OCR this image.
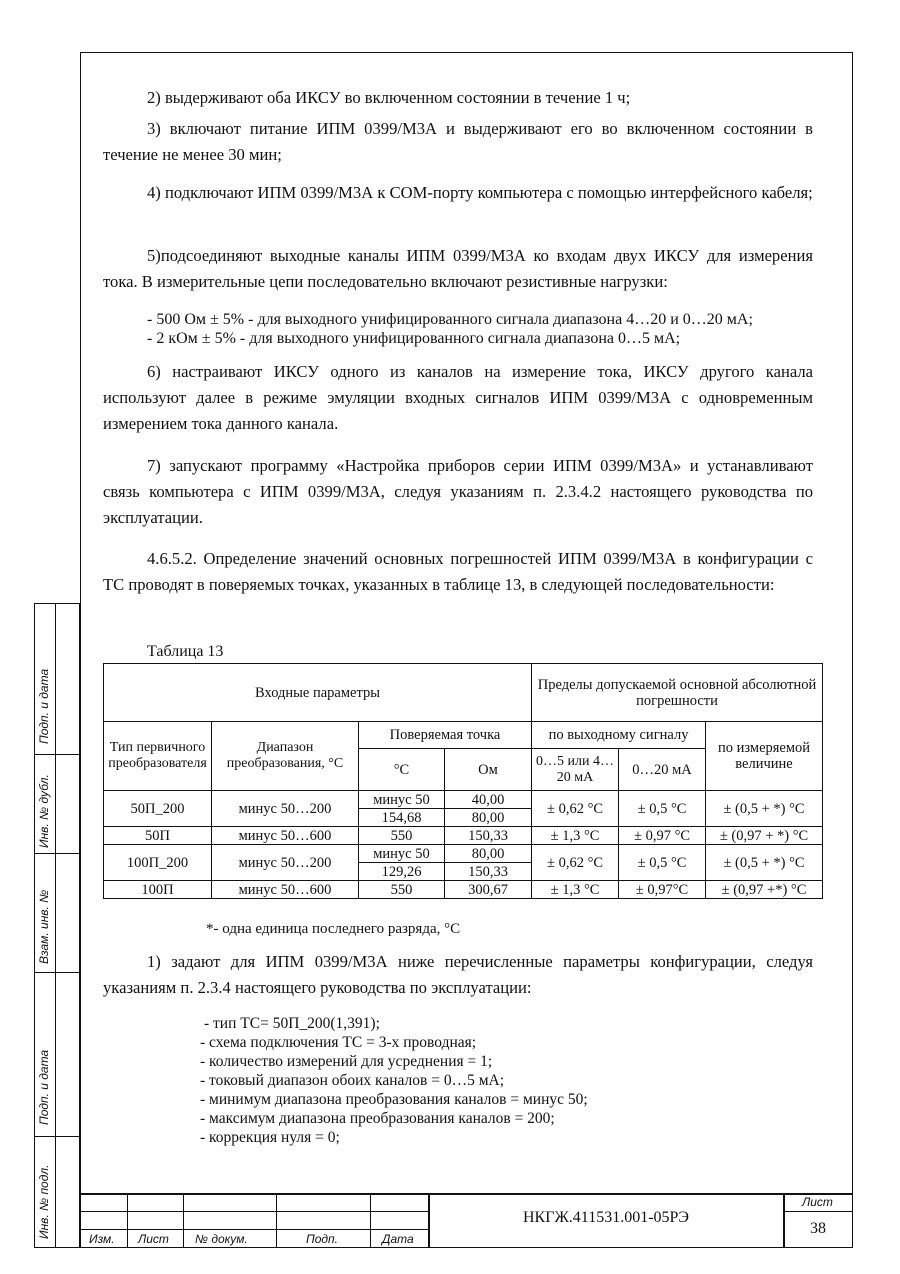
2) выдерживают оба ИКСУ во включенном состоянии в течение 1 ч;

3) включают питание ИПМ 0399/М3А и выдерживают его во включенном состоянии в течение не менее 30 мин;

4) подключают ИПМ 0399/М3А к COM-порту компьютера с помощью интерфейсного кабеля;

5)подсоединяют выходные каналы ИПМ 0399/М3А ко входам двух ИКСУ для измерения тока. В измерительные цепи последовательно включают резистивные нагрузки:

- 500 Ом ± 5% - для выходного унифицированного сигнала диапазона 4…20 и 0…20 мА;
- 2 кОм ± 5% - для выходного унифицированного сигнала диапазона 0…5 мА;

6) настраивают ИКСУ одного из каналов на измерение тока, ИКСУ другого канала используют далее в режиме эмуляции входных сигналов ИПМ 0399/М3А с одновременным измерением тока данного канала.

7) запускают программу «Настройка приборов серии ИПМ 0399/М3А» и устанавливают связь компьютера с ИПМ 0399/М3А, следуя указаниям п. 2.3.4.2 настоящего руководства по эксплуатации.

4.6.5.2. Определение значений основных погрешностей ИПМ 0399/М3А в конфигурации с ТС проводят в поверяемых точках, указанных в таблице 13, в следующей последовательности:

Таблица 13
Входные параметры				Пределы допускаемой основной абсолютной погрешности		
Тип первичного преобразователя	Диапазон преобразования, °С	Поверяемая точка		по выходному сигналу		по измеряемой величине
		°С	Ом	0…5 или 4…20 мА	0…20 мА	
50П_200	минус 50…200	минус 50	40,00	± 0,62 °С	± 0,5 °С	± (0,5 + *) °С
		154,68	80,00			
50П	минус 50…600	550	150,33	± 1,3 °С	± 0,97 °С	± (0,97 + *) °С
100П_200	минус 50…200	минус 50	80,00	± 0,62 °С	± 0,5 °С	± (0,5 + *) °С
		129,26	150,33			
100П	минус 50…600	550	300,67	± 1,3 °С	± 0,97°С	± (0,97 +*) °С
*- одна единица последнего разряда, °С

1) задают для ИПМ 0399/М3А ниже перечисленные параметры конфигурации, следуя указаниям п. 2.3.4 настоящего руководства по эксплуатации:

- тип ТС= 50П_200(1,391);
- схема подключения ТС = 3-х проводная;
- количество измерений для усреднения = 1;
- токовый диапазон обоих каналов = 0…5 мА;
- минимум диапазона преобразования каналов = минус 50;
- максимум диапазона преобразования каналов = 200;
- коррекция нуля = 0;
Подп. и дата
Инв. № дубл.
Взам. инв. №
Подп. и дата
Инв. № подл.	Изм. Лист № докум.	Подп.	Дата
НКГЖ.411531.001-05РЭ
Лист
38
